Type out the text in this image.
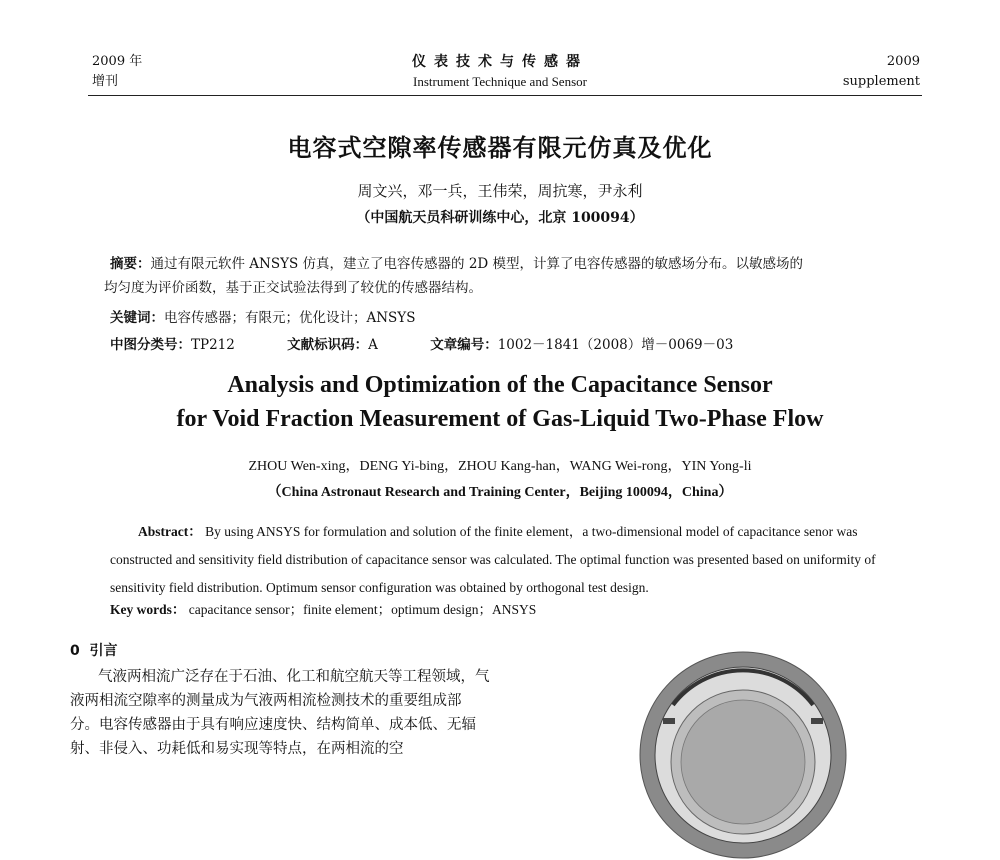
2009 年
增刊
仪表技术与传感器
Instrument Technique and Sensor
2009
supplement
电容式空隙率传感器有限元仿真及优化
周文兴，邓一兵，王伟荣，周抗寒，尹永利
（中国航天员科研训练中心，北京 100094）
摘要：通过有限元软件 ANSYS 仿真，建立了电容传感器的 2D 模型，计算了电容传感器的敏感场分布。以敏感场的
均匀度为评价函数，基于正交试验法得到了较优的传感器结构。
关键词：电容传感器；有限元；优化设计；ANSYS
中图分类号：TP212	文献标识码：A	文章编号：1002－1841（2008）增－0069－03
Analysis and Optimization of the Capacitance Sensor
for Void Fraction Measurement of Gas-Liquid Two-Phase Flow
ZHOU Wen-xing，DENG Yi-bing，ZHOU Kang-han，WANG Wei-rong，YIN Yong-li
（China Astronaut Research and Training Center，Beijing 100094，China）
Abstract： By using ANSYS for formulation and solution of the finite element，a two-dimensional model of capacitance senor was constructed and sensitivity field distribution of capacitance sensor was calculated. The optimal function was presented based on uniformity of sensitivity field distribution. Optimum sensor configuration was obtained by orthogonal test design.
Key words： capacitance sensor；finite element；optimum design；ANSYS
0 引言

气液两相流广泛存在于石油、化工和航空航天等工程领域，气液两相流空隙率的测量成为气液两相流检测技术的重要组成部分。电容传感器由于具有响应速度快、结构简单、成本低、无辐射、非侵入、功耗低和易实现等特点，在两相流的空
